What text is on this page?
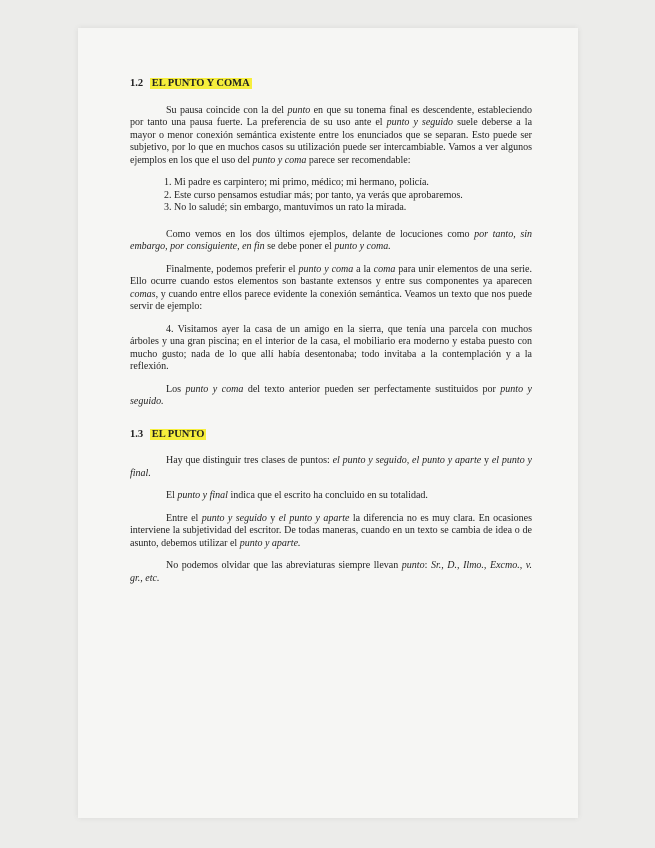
1.2 EL PUNTO Y COMA

Su pausa coincide con la del punto en que su tonema final es descendente, estableciendo por tanto una pausa fuerte. La preferencia de su uso ante el punto y seguido suele deberse a la mayor o menor conexión semántica existente entre los enunciados que se separan. Esto puede ser subjetivo, por lo que en muchos casos su utilización puede ser intercambiable. Vamos a ver algunos ejemplos en los que el uso del punto y coma parece ser recomendable:

1. Mi padre es carpintero; mi primo, médico; mi hermano, policía.
2. Este curso pensamos estudiar más; por tanto, ya verás que aprobaremos.
3. No lo saludé; sin embargo, mantuvimos un rato la mirada.

Como vemos en los dos últimos ejemplos, delante de locuciones como por tanto, sin embargo, por consiguiente, en fin se debe poner el punto y coma.

Finalmente, podemos preferir el punto y coma a la coma para unir elementos de una serie. Ello ocurre cuando estos elementos son bastante extensos y entre sus componentes ya aparecen comas, y cuando entre ellos parece evidente la conexión semántica. Veamos un texto que nos puede servir de ejemplo:

4. Visitamos ayer la casa de un amigo en la sierra, que tenía una parcela con muchos árboles y una gran piscina; en el interior de la casa, el mobiliario era moderno y estaba puesto con mucho gusto; nada de lo que allí había desentonaba; todo invitaba a la contemplación y a la reflexión.

Los punto y coma del texto anterior pueden ser perfectamente sustituidos por punto y seguido.

1.3 EL PUNTO

Hay que distinguir tres clases de puntos: el punto y seguido, el punto y aparte y el punto y final.

El punto y final indica que el escrito ha concluido en su totalidad.

Entre el punto y seguido y el punto y aparte la diferencia no es muy clara. En ocasiones interviene la subjetividad del escritor. De todas maneras, cuando en un texto se cambia de idea o de asunto, debemos utilizar el punto y aparte.

No podemos olvidar que las abreviaturas siempre llevan punto: Sr., D., Ilmo., Excmo., v. gr., etc.
